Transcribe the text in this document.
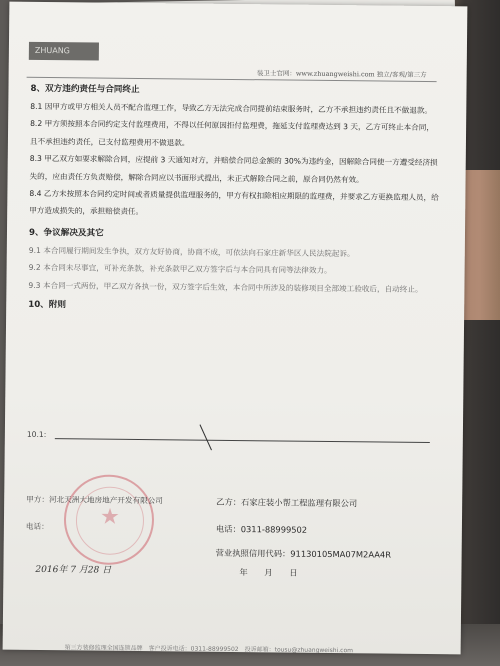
ZHUANG
装卫士官网：www.zhuangweishi.com 独立/客观/第三方

8、双方违约责任与合同终止

8.1 因甲方或甲方相关人员不配合监理工作，导致乙方无法完成合同提前结束服务时，乙方不承担违约责任且不做退款。

8.2 甲方须按照本合同约定支付监理费用，不得以任何原因拒付监理费，拖延支付监理费达到 3 天，乙方可终止本合同，且不承担违约责任，已支付监理费用不做退款。

8.3 甲乙双方如要求解除合同，应提前 3 天通知对方，并赔偿合同总金额的 30%为违约金，因解除合同使一方遭受经济损失的，应由责任方负责赔偿，解除合同应以书面形式提出，未正式解除合同之前，原合同仍然有效。

8.4 乙方未按照本合同约定时间或者质量提供监理服务的，甲方有权扣除相应期限的监理费，并要求乙方更换监理人员，给甲方造成损失的，承担赔偿责任。

9、争议解决及其它

9.1 本合同履行期间发生争执，双方友好协商，协商不成，可依法向石家庄新华区人民法院起诉。

9.2 本合同未尽事宜，可补充条款，补充条款甲乙双方签字后与本合同具有同等法律效力。

9.3 本合同一式两份，甲乙双方各执一份，双方签字后生效，本合同中所涉及的装修项目全部竣工验收后，自动终止。

10、附则

10.1:
★
甲方：河北天洲大地房地产开发有限公司	乙方：石家庄装小帮工程监理有限公司
电话：	电话：0311-88999502
营业执照信用代码：91130105MA07M2AA4R
2016年 7 月28 日	年　　月　　日
第三方装修监理全国连锁品牌　客户投诉电话：0311-88999502　投诉邮箱：tousu@zhuangweishi.com
